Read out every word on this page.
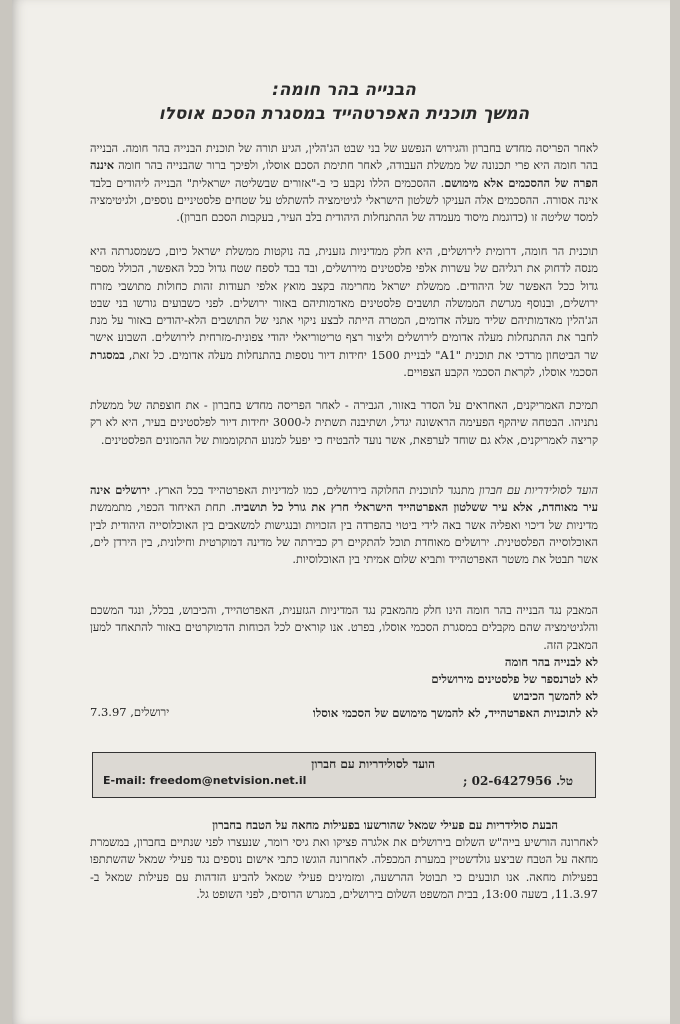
הבנייה בהר חומה:
המשך תוכנית האפרטהייד במסגרת הסכם אוסלו

לאחר הפריסה מחדש בחברון והגירוש הנפשע של בני שבט הג'הלין, הגיע תורה של תוכנית הבנייה בהר חומה. הבנייה בהר חומה היא פרי תכנונה של ממשלת העבודה, לאחר חתימת הסכם אוסלו, ולפיכך ברור שהבנייה בהר חומה איננה הפרה של ההסכמים אלא מימושם. ההסכמים הללו נקבע כי ב-"אזורים שבשליטה ישראלית" הבנייה ליהודים בלבד אינה אסורה. ההסכמים אלה העניקו לשלטון הישראלי לגיטימציה להשתלט על שטחים פלסטיניים נוספים, ולגיטימציה למסד שליטה זו (כדוגמת מיסוד מעמדה של ההתנחלות היהודית בלב העיר, בעקבות הסכם חברון).

תוכנית הר חומה, דרומית לירושלים, היא חלק ממדיניות גזענית, בה נוקטות ממשלת ישראל כיום, כשמסגרתה היא מנסה לדחוק את רגליהם של עשרות אלפי פלסטינים מירושלים, ובד בבד לספח שטח גדול ככל האפשר, הכולל מספר גדול ככל האפשר של היהודים. ממשלת ישראל מחרימה בקצב מואץ אלפי תעודות זהות כחולות מתושבי מזרח ירושלים, ובנוסף מגרשת הממשלה תושבים פלסטינים מאדמותיהם באזור ירושלים. לפני כשבועים גורשו בני שבט הג'הלין מאדמותיהם שליד מעלה אדומים, המטרה הייתה לבצע ניקוי אתני של התושבים הלא-יהודים באזור על מנת לחבר את ההתנחלות מעלה אדומים לירושלים וליצור רצף טריטוריאלי יהודי צפונית-מזרחית לירושלים. השבוע אישר שר הביטחון מרדכי את תוכנית "A1" לבניית 1500 יחידות דיור נוספות בהתנחלות מעלה אדומים. כל זאת, במסגרת הסכמי אוסלו, לקראת הסכמי הקבע הצפויים.

תמיכת האמריקנים, האחראים על הסדר באזור, הגבירה - לאחר הפריסה מחדש בחברון - את חוצפתה של ממשלת נתניהו. הבטחה שיהקף הפעימה הראשונה יגדל, ושתיבנה תשתית ל-3000 יחידות דיור לפלסטינים בעיר, היא לא רק קריצה לאמריקנים, אלא גם שוחד לערפאת, אשר נועד להבטיח כי יפעל למנוע התקוממות של ההמונים הפלסטינים.

הועד לסולידריות עם חברון מתנגד לתוכנית החלוקה בירושלים, כמו למדיניות האפרטהייד בכל הארץ. ירושלים אינה עיר מאוחדת, אלא עיר ששלטון האפרטהייד הישראלי חרץ את גורל כל תושביה. תחת האיחוד הכפוי, מתממשת מדיניות של דיכוי ואפליה אשר באה לידי ביטוי בהפרדה בין הזכויות ובנגישות למשאבים בין האוכלוסייה היהודית לבין האוכלוסייה הפלסטינית. ירושלים מאוחדת תוכל להתקיים רק כבירתה של מדינה דמוקרטית וחילונית, בין הירדן לים, אשר תבטל את משטר האפרטהייד ותביא שלום אמיתי בין האוכלוסיות.

המאבק נגד הבנייה בהר חומה הינו חלק מהמאבק נגד המדיניות הגזענית, האפרטהייד, והכיבוש, בכלל, ונגד המשכם והלגיטימציה שהם מקבלים במסגרת הסכמי אוסלו, בפרט. אנו קוראים לכל הכוחות הדמוקרטים באזור להתאחד למען המאבק הזה.

לא לבנייה בהר חומה
לא לטרנספר של פלסטינים מירושלים
לא להמשך הכיבוש
לא לתוכניות האפרטהייד, לא להמשך מימושם של הסכמי אוסלו
ירושלים, 7.3.97
הועד לסולידריות עם חברון
טל. 02-6427956 ;
E-mail: freedom@netvision.net.il
הבעת סולידריות עם פעילי שמאל שהורשעו בפעילות מחאה על הטבח בחברון

לאחרונה הורשיע בייה"ש השלום בירושלים את אלגרה פציקו ואת גיסי רומר, שנעצרו לפני שנתיים בחברון, במשמרת מחאה על הטבח שביצע גולדשטיין במערת המכפלה. לאחרונה הוגשו כתבי אישום נוספים נגד פעילי שמאל שהשתתפו בפעילות מחאה. אנו תובעים כי תבוטל ההרשעה, ומזמינים פעילי שמאל להביע הזדהות עם פעילות שמאל ב- 11.3.97, בשעה 13:00, בבית המשפט השלום בירושלים, במגרש הרוסים, לפני השופט גל.
